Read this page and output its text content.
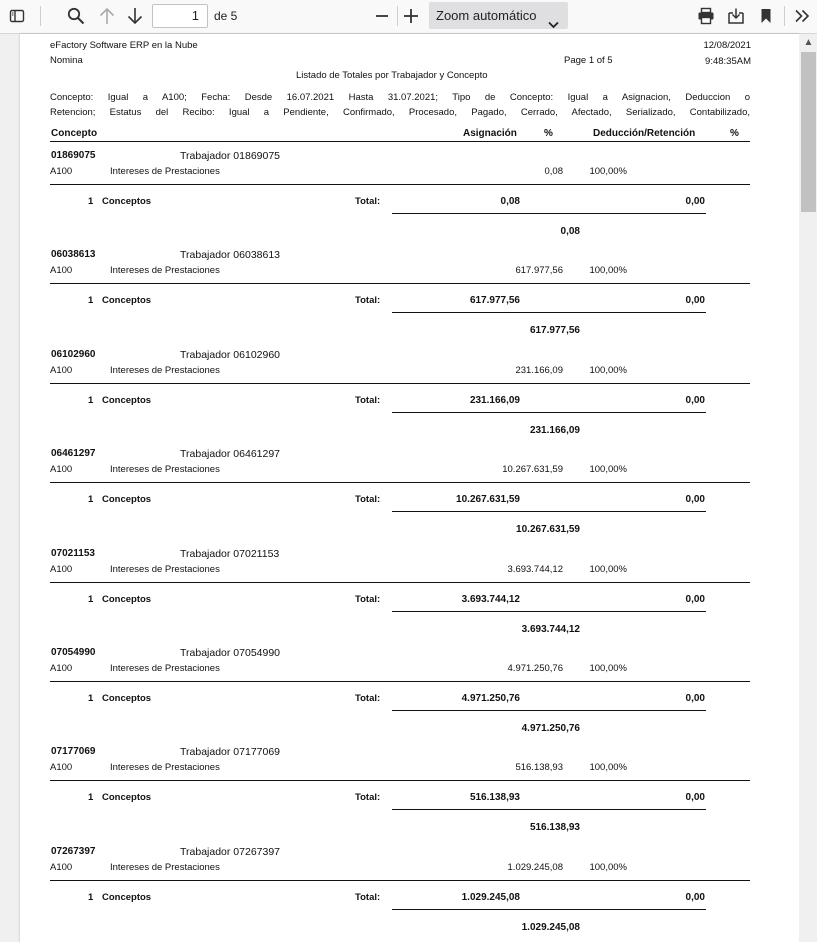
1	de 5	Zoom automático
eFactory Software ERP en la Nube
Nomina
12/08/2021
Page 1 of 5	9:48:35AM
Listado de Totales por Trabajador y Concepto
Concepto: Igual a A100; Fecha: Desde 16.07.2021 Hasta 31.07.2021; Tipo de Concepto: Igual a Asignacion, Deduccion o
Retencion; Estatus del Recibo: Igual a Pendiente, Confirmado, Procesado, Pagado, Cerrado, Afectado, Serializado, Contabilizado,
Concepto	Asignación	%	Deducción/Retención	%
01869075	Trabajador 01869075
A100	Intereses de Prestaciones	0,08	100,00%
1 Conceptos	Total:	0,08	0,00
0,08
06038613	Trabajador 06038613
A100	Intereses de Prestaciones	617.977,56	100,00%
1 Conceptos	Total:	617.977,56	0,00
617.977,56
06102960	Trabajador 06102960
A100	Intereses de Prestaciones	231.166,09	100,00%
1 Conceptos	Total:	231.166,09	0,00
231.166,09
06461297	Trabajador 06461297
A100	Intereses de Prestaciones	10.267.631,59	100,00%
1 Conceptos	Total:	10.267.631,59	0,00
10.267.631,59
07021153	Trabajador 07021153
A100	Intereses de Prestaciones	3.693.744,12	100,00%
1 Conceptos	Total:	3.693.744,12	0,00
3.693.744,12
07054990	Trabajador 07054990
A100	Intereses de Prestaciones	4.971.250,76	100,00%
1 Conceptos	Total:	4.971.250,76	0,00
4.971.250,76
07177069	Trabajador 07177069
A100	Intereses de Prestaciones	516.138,93	100,00%
1 Conceptos	Total:	516.138,93	0,00
516.138,93
07267397	Trabajador 07267397
A100	Intereses de Prestaciones	1.029.245,08	100,00%
1 Conceptos	Total:	1.029.245,08	0,00
1.029.245,08
▲
